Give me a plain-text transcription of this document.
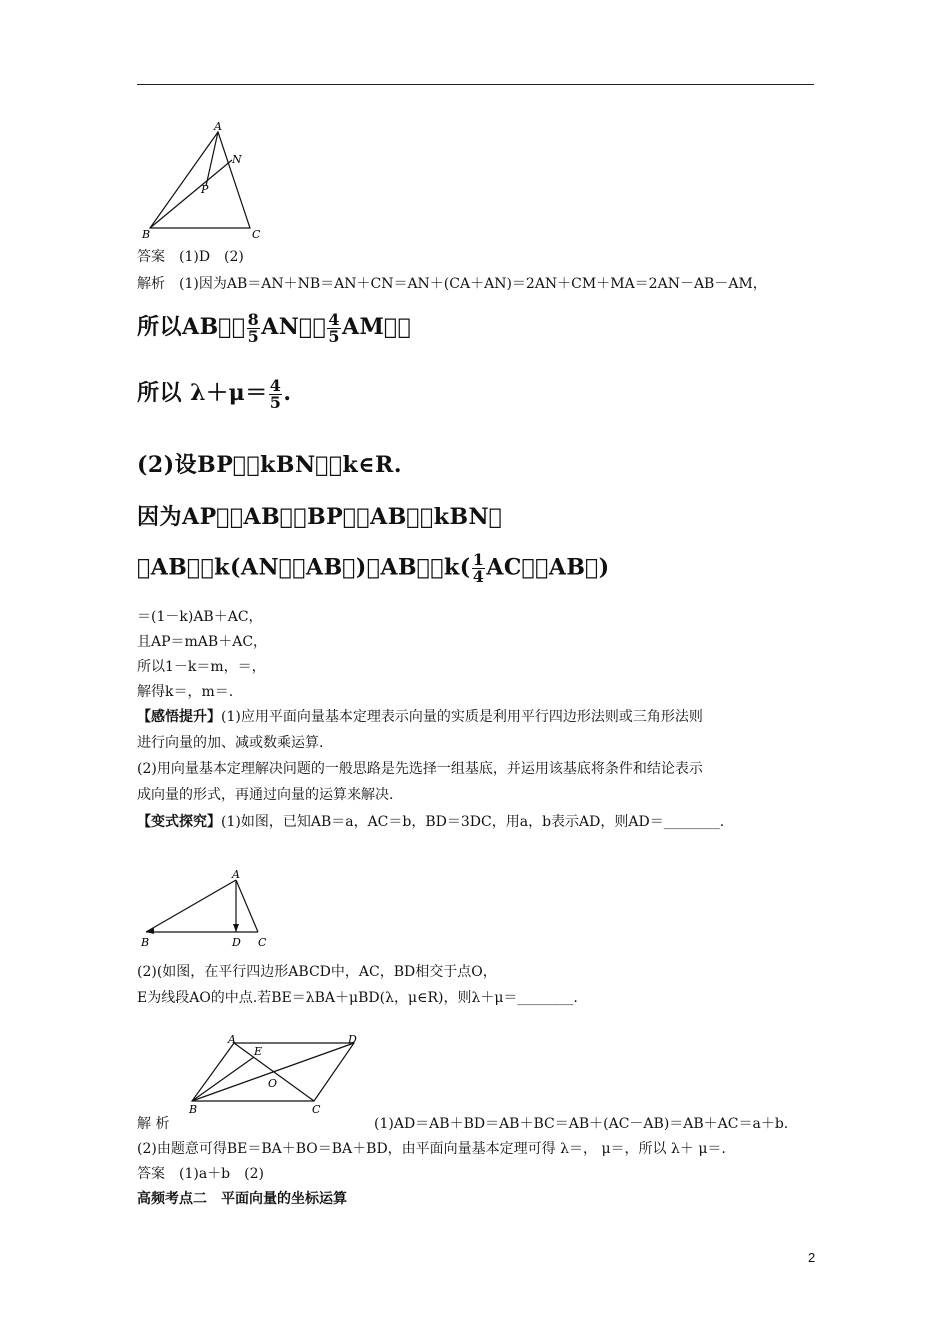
A
N
P
B	C
答案　(1)D　(2)
解析　(1)因为AB＝AN＋NB＝AN＋CN＝AN＋(CA＋AN)＝2AN＋CM＋MA＝2AN－AB－AM，
所以AB⃗＝ $\frac{8}{5}$ AN⃗－ $\frac{4}{5}$ AM⃗，
所以 $\lambda+\mu= \frac{4}{5}$ .
(2)设BP⃗＝kBN⃗，k∈R.
因为AP⃗＝AB⃗＋BP⃗＝AB⃗＋kBN⃗
＝AB⃗＋k(AN⃗－AB⃗)＝AB⃗＋k( $\frac{1}{4}$ AC⃗－AB⃗)
＝(1－k)AB＋AC，
且AP＝mAB＋AC，
所以1－k＝m，＝，
解得k＝，m＝.
【感悟提升】(1)应用平面向量基本定理表示向量的实质是利用平行四边形法则或三角形法则
进行向量的加、减或数乘运算.
(2)用向量基本定理解决问题的一般思路是先选择一组基底，并运用该基底将条件和结论表示
成向量的形式，再通过向量的运算来解决.
【变式探究】(1)如图，已知AB＝a，AC＝b，BD＝3DC，用a，b表示AD，则AD＝________.
A
B	D C
(2)(如图，在平行四边形ABCD中，AC，BD相交于点O，
E为线段AO的中点.若BE＝λBA＋μBD(λ，μ∈R)，则λ＋μ＝________.
A
E
D
O
B	C
解 析	(1)AD＝AB＋BD＝AB＋BC＝AB＋(AC－AB)＝AB＋AC＝a＋b.
(2)由题意可得BE＝BA＋BO＝BA＋BD，由平面向量基本定理可得 λ＝， μ＝，所以 λ＋ μ＝.
答案　(1)a＋b　(2)
高频考点二　平面向量的坐标运算
2
